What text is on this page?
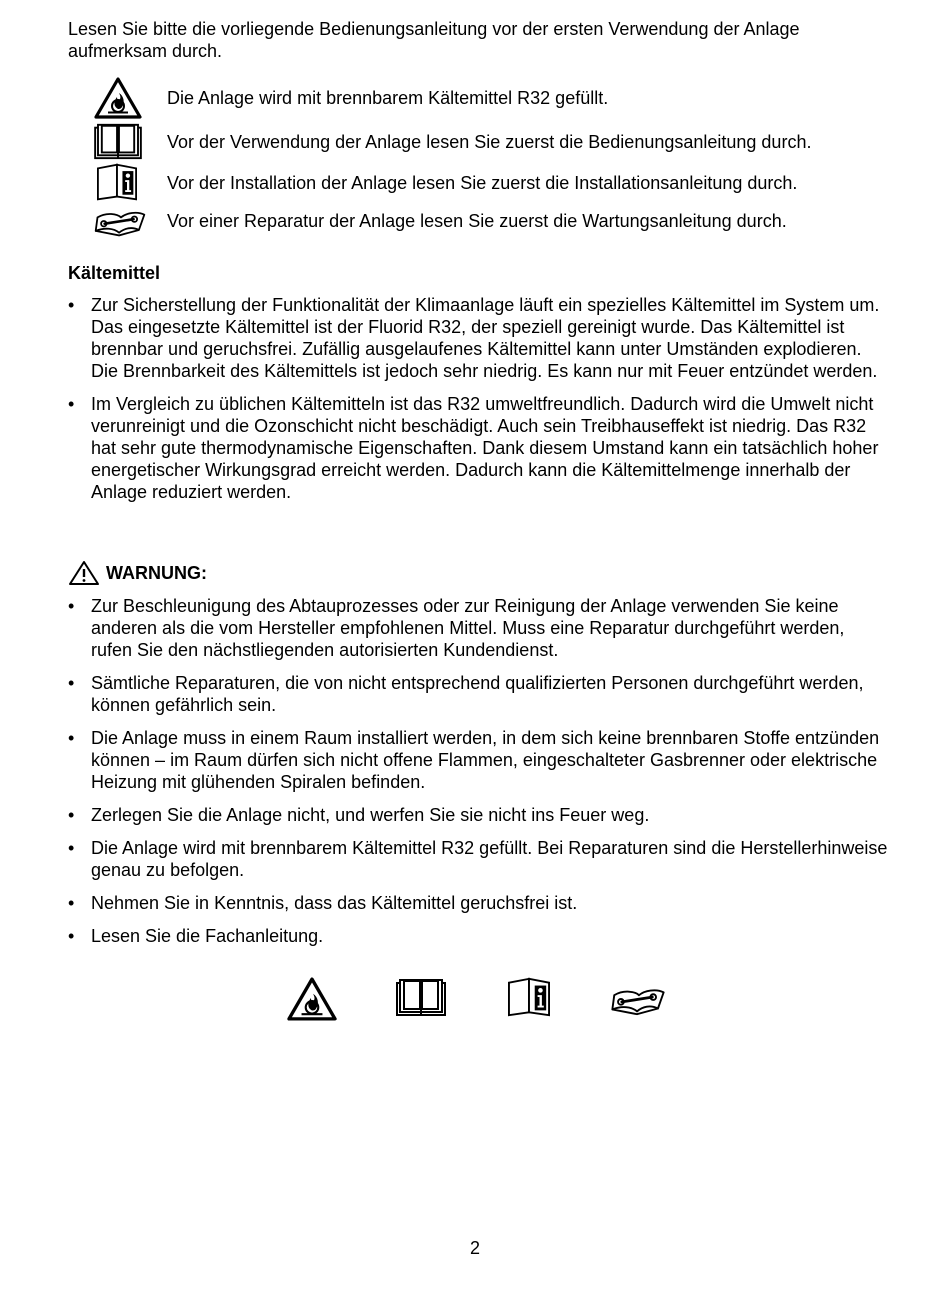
Lesen Sie bitte die vorliegende Bedienungsanleitung vor der ersten Verwendung der Anlage aufmerksam durch.

Die Anlage wird mit brennbarem Kältemittel R32 gefüllt.
Vor der Verwendung der Anlage lesen Sie zuerst die Bedienungsanleitung durch.
Vor der Installation der Anlage lesen Sie zuerst die Installationsanleitung durch.
Vor einer Reparatur der Anlage lesen Sie zuerst die Wartungsanleitung durch.

Kältemittel

• Zur Sicherstellung der Funktionalität der Klimaanlage läuft ein spezielles Kältemittel im System um. Das eingesetzte Kältemittel ist der Fluorid R32, der speziell gereinigt wurde. Das Kältemittel ist brennbar und geruchsfrei. Zufällig ausgelaufenes Kältemittel kann unter Umständen explodieren. Die Brennbarkeit des Kältemittels ist jedoch sehr niedrig. Es kann nur mit Feuer entzündet werden.
• Im Vergleich zu üblichen Kältemitteln ist das R32 umweltfreundlich. Dadurch wird die Umwelt nicht verunreinigt und die Ozonschicht nicht beschädigt. Auch sein Treibhauseffekt ist niedrig. Das R32 hat sehr gute thermodynamische Eigenschaften. Dank diesem Umstand kann ein tatsächlich hoher energetischer Wirkungsgrad erreicht werden. Dadurch kann die Kältemittelmenge innerhalb der Anlage reduziert werden.
WARNUNG:
• Zur Beschleunigung des Abtauprozesses oder zur Reinigung der Anlage verwenden Sie keine anderen als die vom Hersteller empfohlenen Mittel. Muss eine Reparatur durchgeführt werden, rufen Sie den nächstliegenden autorisierten Kundendienst.
• Sämtliche Reparaturen, die von nicht entsprechend qualifizierten Personen durchgeführt werden, können gefährlich sein.
• Die Anlage muss in einem Raum installiert werden, in dem sich keine brennbaren Stoffe entzünden können – im Raum dürfen sich nicht offene Flammen, eingeschalteter Gasbrenner oder elektrische Heizung mit glühenden Spiralen befinden.
• Zerlegen Sie die Anlage nicht, und werfen Sie sie nicht ins Feuer weg.
• Die Anlage wird mit brennbarem Kältemittel R32 gefüllt. Bei Reparaturen sind die Herstellerhinweise genau zu befolgen.
• Nehmen Sie in Kenntnis, dass das Kältemittel geruchsfrei ist.
• Lesen Sie die Fachanleitung.
2
